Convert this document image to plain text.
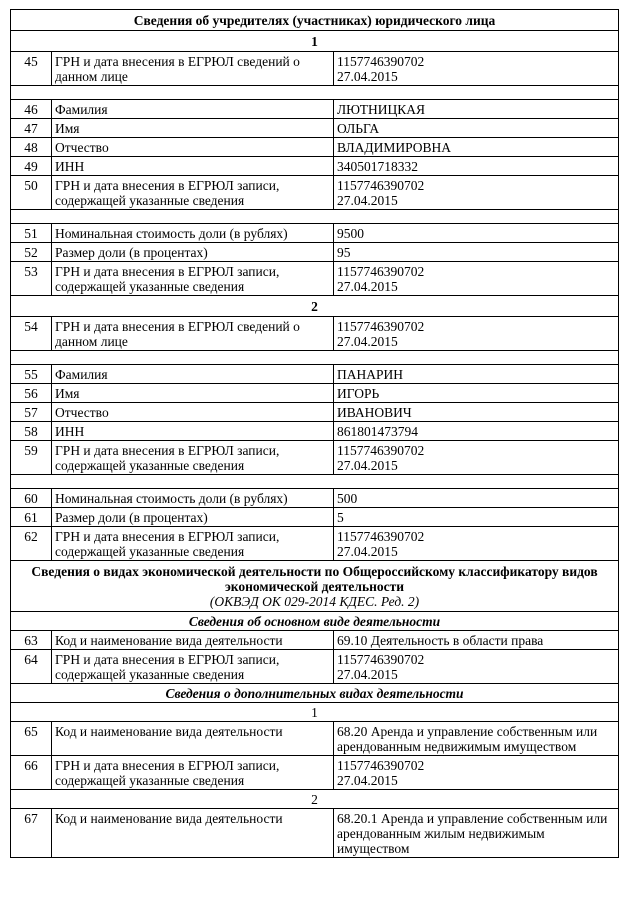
Сведения об учредителях (участниках) юридического лица		
1		
45	ГРН и дата внесения в ЕГРЮЛ сведений о данном лице	1157746390702
27.04.2015

46	Фамилия	ЛЮТНИЦКАЯ
47	Имя	ОЛЬГА
48	Отчество	ВЛАДИМИРОВНА
49	ИНН	340501718332
50	ГРН и дата внесения в ЕГРЮЛ записи, содержащей указанные сведения	1157746390702
27.04.2015

51	Номинальная стоимость доли (в рублях)	9500
52	Размер доли (в процентах)	95
53	ГРН и дата внесения в ЕГРЮЛ записи, содержащей указанные сведения	1157746390702
27.04.2015

2		
54	ГРН и дата внесения в ЕГРЮЛ сведений о данном лице	1157746390702
27.04.2015

55	Фамилия	ПАНАРИН
56	Имя	ИГОРЬ
57	Отчество	ИВАНОВИЧ
58	ИНН	861801473794
59	ГРН и дата внесения в ЕГРЮЛ записи, содержащей указанные сведения	1157746390702
27.04.2015

60	Номинальная стоимость доли (в рублях)	500
61	Размер доли (в процентах)	5
62	ГРН и дата внесения в ЕГРЮЛ записи, содержащей указанные сведения	1157746390702
27.04.2015

Сведения о видах экономической деятельности по Общероссийскому классификатору видов экономической деятельности
(ОКВЭД ОК 029-2014 КДЕС. Ред. 2)		

Сведения об основном виде деятельности		
63	Код и наименование вида деятельности	69.10 Деятельность в области права
64	ГРН и дата внесения в ЕГРЮЛ записи, содержащей указанные сведения	1157746390702
27.04.2015

Сведения о дополнительных видах деятельности		
1		
65	Код и наименование вида деятельности	68.20 Аренда и управление собственным или арендованным недвижимым имуществом
66	ГРН и дата внесения в ЕГРЮЛ записи, содержащей указанные сведения	1157746390702
27.04.2015

2		
67	Код и наименование вида деятельности	68.20.1 Аренда и управление собственным или арендованным жилым недвижимым имуществом
